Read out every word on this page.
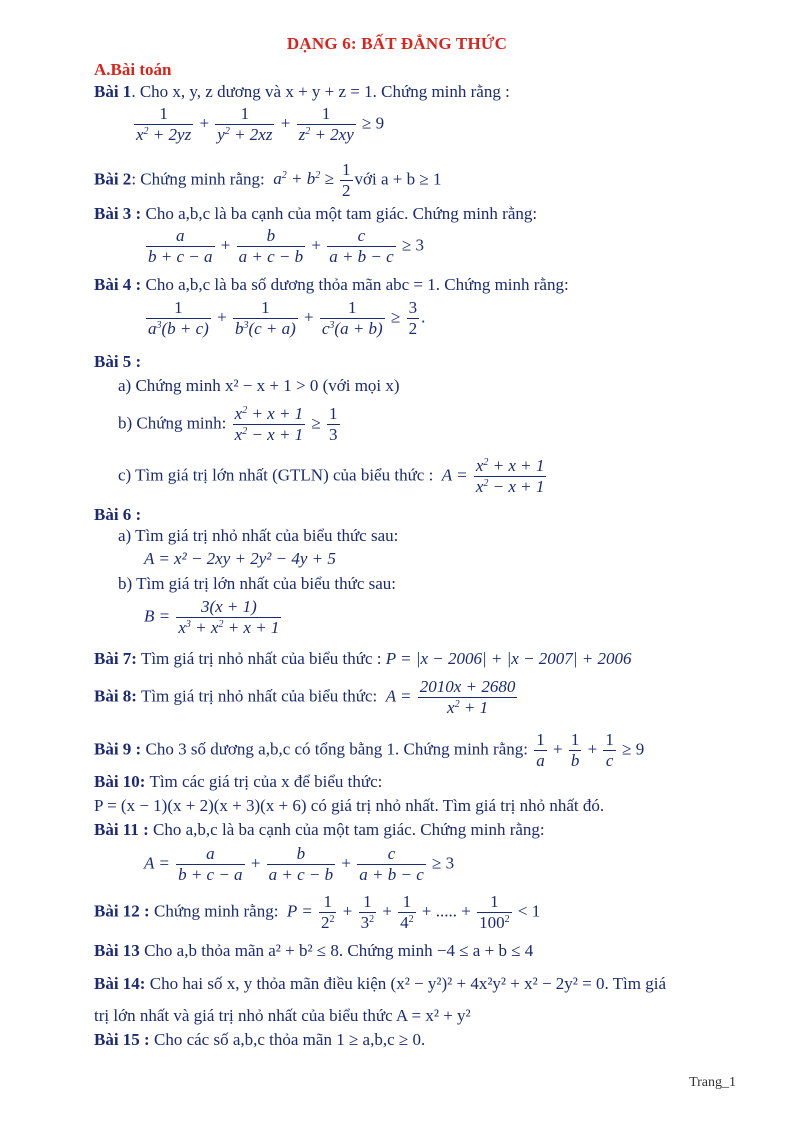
DẠNG 6: BẤT ĐẲNG THỨC
A.Bài toán
Bài 1. Cho x, y, z dương và x + y + z = 1. Chứng minh rằng :
$\frac{1}{x^2 + 2yz} + \frac{1}{y^2 + 2xz} + \frac{1}{z^2 + 2xy} \ge 9$
Bài 2: Chứng minh rằng:  $a^2 + b^2 \ge \frac{1}{2}$ với a + b ≥ 1
Bài 3 : Cho a,b,c là ba cạnh của một tam giác. Chứng minh rằng:
$\frac{a}{b + c - a} + \frac{b}{a + c - b} + \frac{c}{a + b - c} \ge 3$
Bài 4 : Cho a,b,c là ba số dương thỏa mãn abc = 1. Chứng minh rằng:
$\frac{1}{a^3(b + c)} + \frac{1}{b^3(c + a)} + \frac{1}{c^3(a + b)} \ge \frac{3}{2}$ .
Bài 5 :
a) Chứng minh x² − x + 1 > 0 (với mọi x)
b) Chứng minh: $\frac{x^2 + x + 1}{x^2 - x + 1} \ge \frac{1}{3}$
c) Tìm giá trị lớn nhất (GTLN) của biểu thức :  $A = \frac{x^2 + x + 1}{x^2 - x + 1}$
Bài 6 :
a) Tìm giá trị nhỏ nhất của biểu thức sau:
A = x² − 2xy + 2y² − 4y + 5
b) Tìm giá trị lớn nhất của biểu thức sau:
$B = \frac{3(x + 1)}{x^3 + x^2 + x + 1}$
Bài 7: Tìm giá trị nhỏ nhất của biểu thức : P = |x − 2006| + |x − 2007| + 2006
Bài 8: Tìm giá trị nhỏ nhất của biểu thức:  $A = \frac{2010x + 2680}{x^2 + 1}$
Bài 9 : Cho 3 số dương a,b,c có tổng bằng 1. Chứng minh rằng: $\frac{1}{a} + \frac{1}{b} + \frac{1}{c} \ge 9$
Bài 10: Tìm các giá trị của x để biểu thức:
P = (x − 1)(x + 2)(x + 3)(x + 6) có giá trị nhỏ nhất. Tìm giá trị nhỏ nhất đó.
Bài 11 : Cho a,b,c là ba cạnh của một tam giác. Chứng minh rằng:
$A = \frac{a}{b + c - a} + \frac{b}{a + c - b} + \frac{c}{a + b - c} \ge 3$
Bài 12 : Chứng minh rằng:  $P = \frac{1}{2^2} + \frac{1}{3^2} + \frac{1}{4^2}$ + ..... + $\frac{1}{100^2} < 1$
Bài 13 Cho a,b thỏa mãn a² + b² ≤ 8. Chứng minh −4 ≤ a + b ≤ 4
Bài 14: Cho hai số x, y thỏa mãn điều kiện (x² − y²)² + 4x²y² + x² − 2y² = 0. Tìm giá
trị lớn nhất và giá trị nhỏ nhất của biểu thức A = x² + y²
Bài 15 : Cho các số a,b,c thỏa mãn 1 ≥ a,b,c ≥ 0.
Trang_1
